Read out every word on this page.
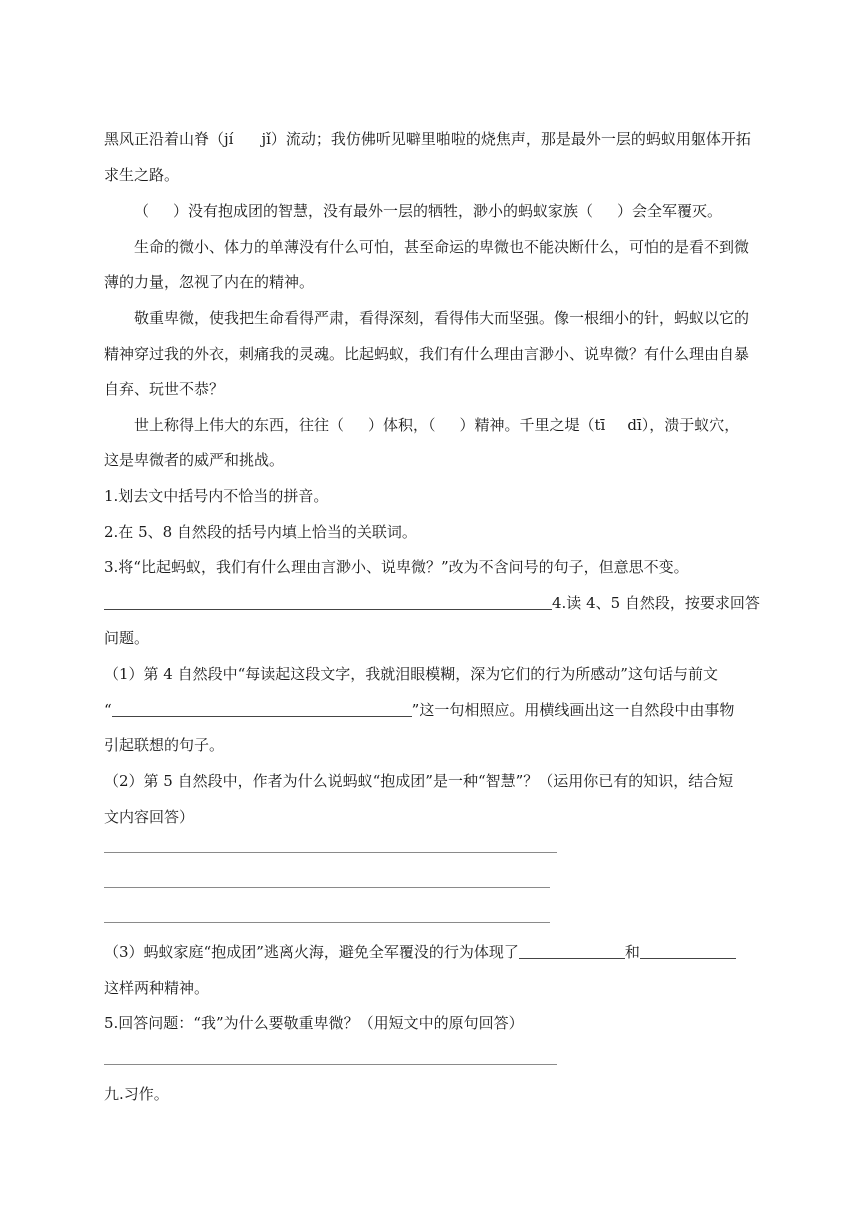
黑风正沿着山脊（jí jǐ）流动；我仿佛听见噼里啪啦的烧焦声，那是最外一层的蚂蚁用躯体开拓
求生之路。
（ ）没有抱成团的智慧，没有最外一层的牺牲，渺小的蚂蚁家族（ ）会全军覆灭。
生命的微小、体力的单薄没有什么可怕，甚至命运的卑微也不能决断什么，可怕的是看不到微
薄的力量，忽视了内在的精神。
敬重卑微，使我把生命看得严肃，看得深刻，看得伟大而坚强。像一根细小的针，蚂蚁以它的
精神穿过我的外衣，刺痛我的灵魂。比起蚂蚁，我们有什么理由言渺小、说卑微？有什么理由自暴
自弃、玩世不恭？
世上称得上伟大的东西，往往（ ）体积，（ ）精神。千里之堤（tī dī），溃于蚁穴，
这是卑微者的威严和挑战。
1.划去文中括号内不恰当的拼音。
2.在 5、8 自然段的括号内填上恰当的关联词。
3.将“比起蚂蚁，我们有什么理由言渺小、说卑微？”改为不含问号的句子，但意思不变。
4.读 4、5 自然段，按要求回答
问题。
（1）第 4 自然段中“每读起这段文字，我就泪眼模糊，深为它们的行为所感动”这句话与前文
“	”这一句相照应。用横线画出这一自然段中由事物
引起联想的句子。
（2）第 5 自然段中，作者为什么说蚂蚁“抱成团”是一种“智慧”？（运用你已有的知识，结合短
文内容回答）
（3）蚂蚁家庭“抱成团”逃离火海，避免全军覆没的行为体现了	和
这样两种精神。
5.回答问题：“我”为什么要敬重卑微？（用短文中的原句回答）
九.习作。
